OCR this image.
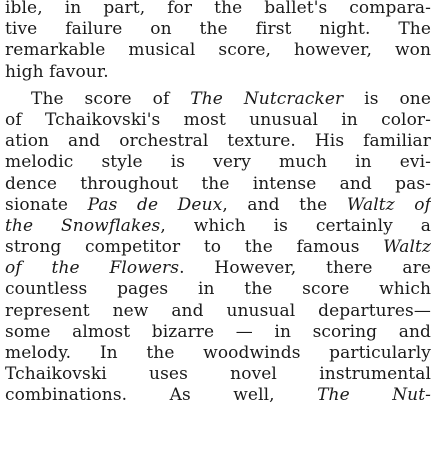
ible, in part, for the ballet's compara-
tive failure on the first night. The
remarkable musical score, however, won
high favour.
The score of The Nutcracker is one
of Tchaikovski's most unusual in color-
ation and orchestral texture. His familiar
melodic style is very much in evi-
dence throughout the intense and pas-
sionate Pas de Deux, and the Waltz of
the Snowflakes, which is certainly a
strong competitor to the famous Waltz
of the Flowers. However, there are
countless pages in the score which
represent new and unusual departures—
some almost bizarre — in scoring and
melody. In the woodwinds particularly
Tchaikovski uses novel instrumental
combinations. As well, The Nut-
